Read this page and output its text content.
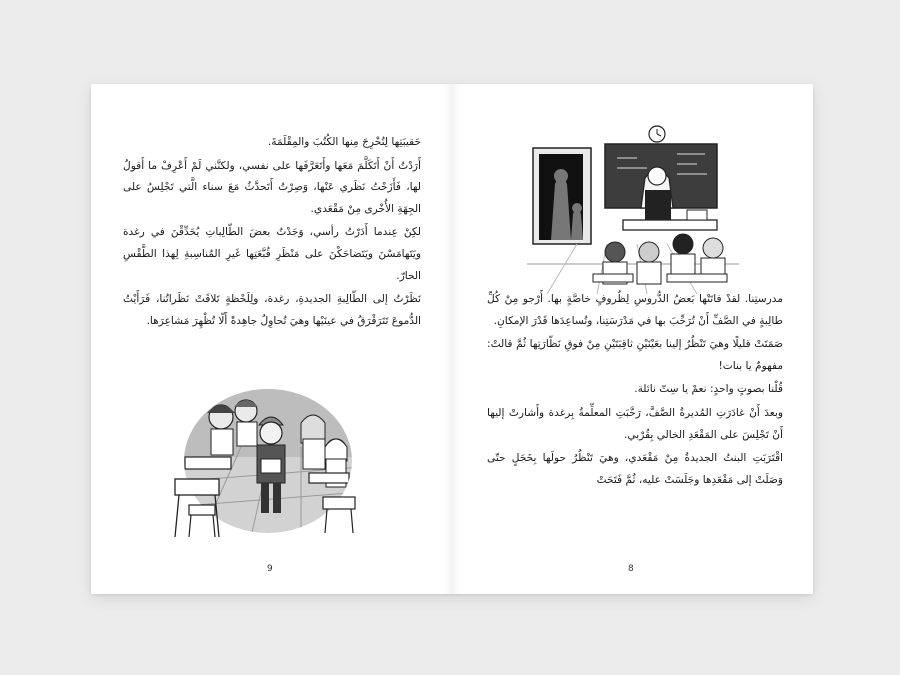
حَقيبَتِها لِتُخْرِجَ مِنها الكُتُبَ والمِقْلَمَةَ.

أَرَدْتُ أَنْ أَتَكَلَّمَ مَعَها وأَتَعَرَّفَها على نفسي، ولكنَّني لَمْ أَعْرِفْ ما أَقولُ لها، فَأَزَحْتُ نَظَري عَنْها، وَصِرْتُ أَتَحدَّثُ مَعَ سناء الَّتي تَجْلِسُ على الجِهَةِ الأُخْرى مِنْ مَقْعَدي.

لكِنْ عِندما أَدَرْتُ رأسي، وَجَدْتُ بعضَ الطّالِباتِ يُحَدِّقْنَ في رغدة ويَتَهامَسْنَ ويَتَضاحَكْنَ على مَنْظَرِ قُبَّعَتِها غَيرِ المُناسِبةِ لِهذا الطَّقْسِ الحارّ.

نَظَرْتُ إلى الطّالِبةِ الجديدةِ، رغدة، ولِلَحْظةٍ تَلاقَتْ نَظَراتُنا، فَرَأَيْتُ الدُّموعَ تَتَرَقْرَقُ في عينَيْها وهيَ تُحاوِلُ جاهِدةً أَلّا تُظْهِرَ مَشاعِرَها.

9

مدرستِنا. لقدْ فاتَتْها بَعضُ الدُّروسِ لِظُروفٍ خاصَّةٍ بها. أَرْجو مِنْ كُلِّ طالِبةٍ في الصَّفِّ أَنْ تُرَحِّبَ بها في مَدْرَسَتِنا، وتُساعِدَها قَدْرَ الإمكانِ.

صَمَتَتْ قليلًا وهيَ تَنْظُرُ إلينا بعَيْنَيْنِ ثاقِبَتَيْنِ مِنْ فوقِ نَظّارَتِها ثُمَّ قالتْ: مفهومٌ يا بنات!

قُلْنا بصوتٍ واحدٍ: نعمْ يا سِتّ نائلة.

وبعدَ أَنْ غادَرَتِ المُديرةُ الصَّفَّ، رَحَّبَتِ المعلِّمةُ بِرغدة وأَشارتْ إليها أَنْ تَجْلِسَ على المَقْعَدِ الخالي بِقُرْبي.

اقْتَرَبَتِ البنتُ الجديدةُ مِنْ مَقْعَدي، وهيَ تَنْظُرُ حولَها بِخَجَلٍ حتّى وَصَلَتْ إلى مَقْعَدِها وجَلَسَتْ عليه، ثُمَّ فَتَحَتْ

8
